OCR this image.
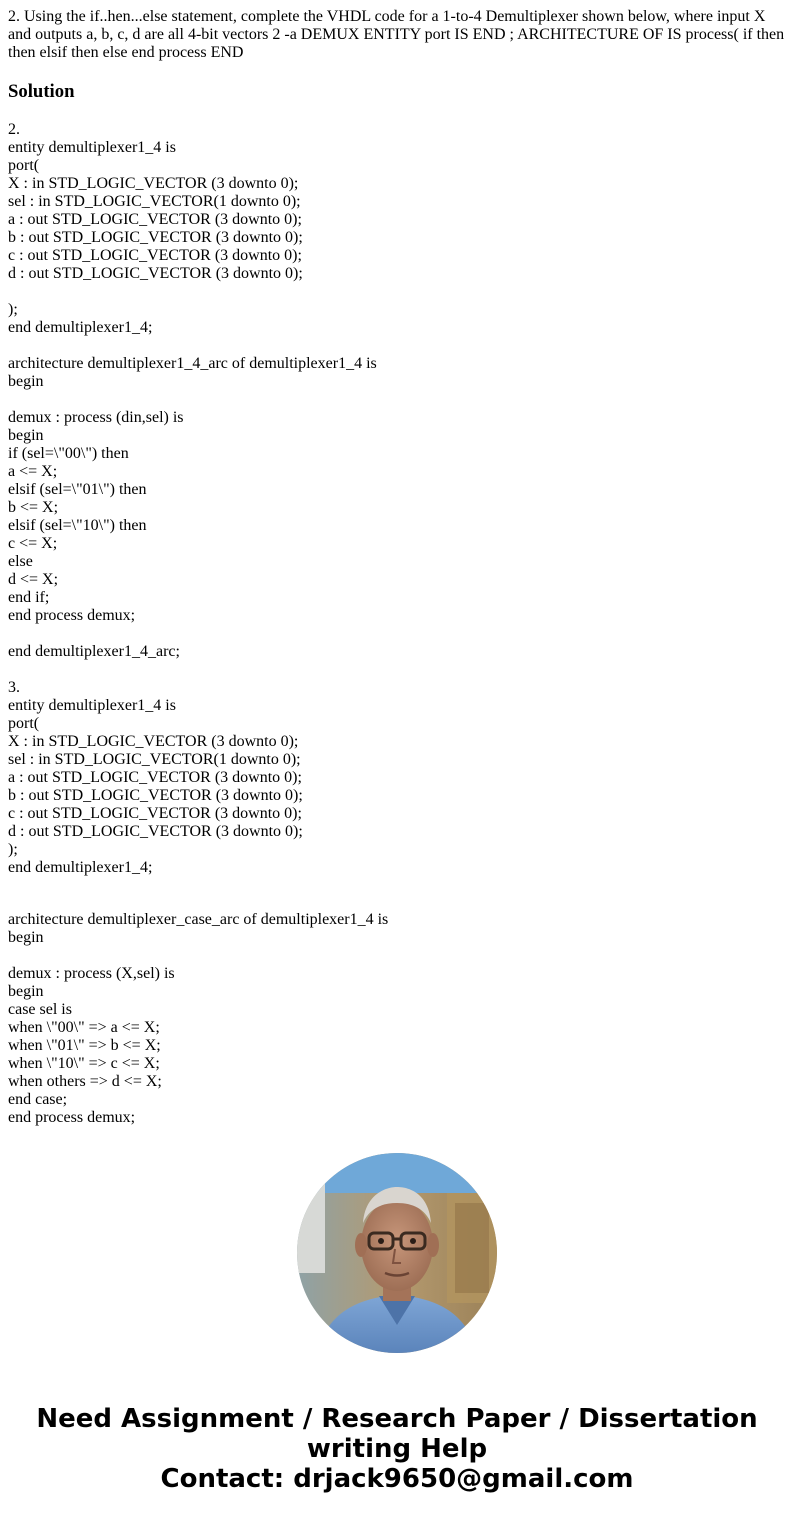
2. Using the if..hen...else statement, complete the VHDL code for a 1-to-4 Demultiplexer shown below, where input X and outputs a, b, c, d are all 4-bit vectors 2 -a DEMUX ENTITY port IS END ; ARCHITECTURE OF IS process( if then then elsif then else end process END

Solution
2.
entity demultiplexer1_4 is
port(
X : in STD_LOGIC_VECTOR (3 downto 0);
sel : in STD_LOGIC_VECTOR(1 downto 0);
a : out STD_LOGIC_VECTOR (3 downto 0);
b : out STD_LOGIC_VECTOR (3 downto 0);
c : out STD_LOGIC_VECTOR (3 downto 0);
d : out STD_LOGIC_VECTOR (3 downto 0);
);
end demultiplexer1_4;
architecture demultiplexer1_4_arc of demultiplexer1_4 is
begin
demux : process (din,sel) is
begin
if (sel=\"00\") then
a <= X;
elsif (sel=\"01\") then
b <= X;
elsif (sel=\"10\") then
c <= X;
else
d <= X;
end if;
end process demux;
end demultiplexer1_4_arc;
3.
entity demultiplexer1_4 is
port(
X : in STD_LOGIC_VECTOR (3 downto 0);
sel : in STD_LOGIC_VECTOR(1 downto 0);
a : out STD_LOGIC_VECTOR (3 downto 0);
b : out STD_LOGIC_VECTOR (3 downto 0);
c : out STD_LOGIC_VECTOR (3 downto 0);
d : out STD_LOGIC_VECTOR (3 downto 0);
);
end demultiplexer1_4;
architecture demultiplexer_case_arc of demultiplexer1_4 is
begin
demux : process (X,sel) is
begin
case sel is
when \"00\" => a <= X;
when \"01\" => b <= X;
when \"10\" => c <= X;
when others => d <= X;
end case;
end process demux;
Need Assignment / Research Paper / Dissertation
writing Help
Contact: drjack9650@gmail.com
